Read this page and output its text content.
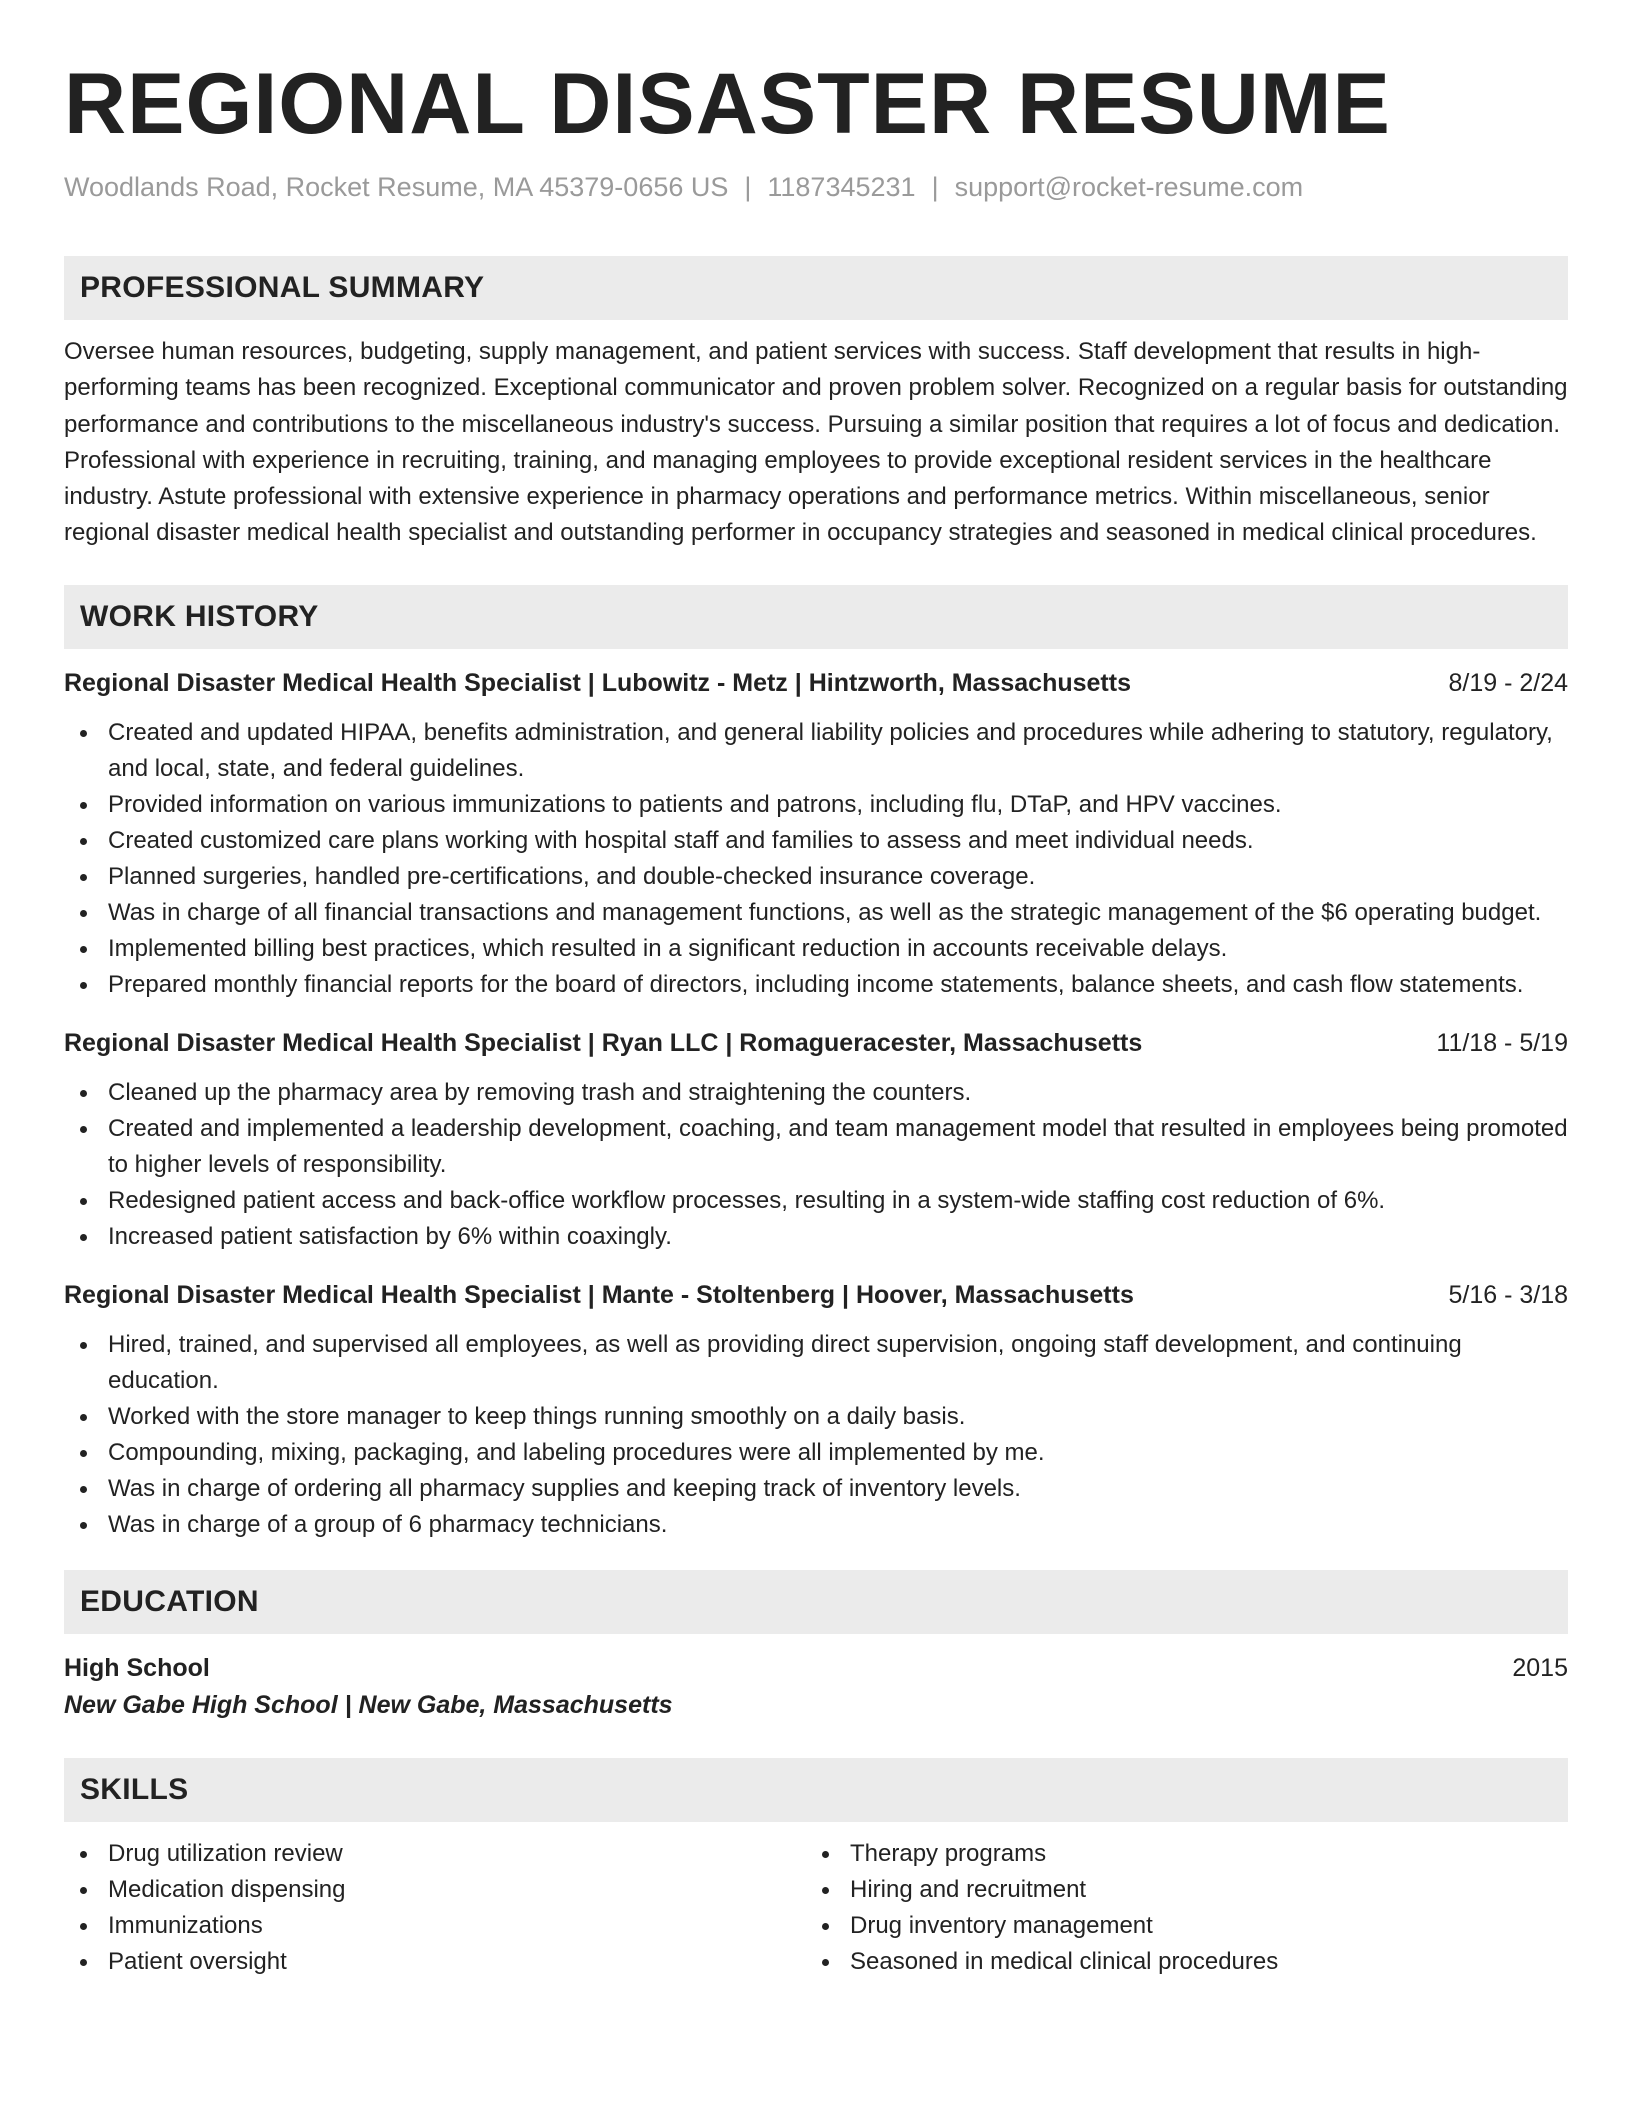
REGIONAL DISASTER RESUME
Woodlands Road, Rocket Resume, MA 45379-0656 US | 1187345231 | support@rocket-resume.com
PROFESSIONAL SUMMARY
Oversee human resources, budgeting, supply management, and patient services with success. Staff development that results in high-performing teams has been recognized. Exceptional communicator and proven problem solver. Recognized on a regular basis for outstanding performance and contributions to the miscellaneous industry's success. Pursuing a similar position that requires a lot of focus and dedication. Professional with experience in recruiting, training, and managing employees to provide exceptional resident services in the healthcare industry. Astute professional with extensive experience in pharmacy operations and performance metrics. Within miscellaneous, senior regional disaster medical health specialist and outstanding performer in occupancy strategies and seasoned in medical clinical procedures.
WORK HISTORY
Regional Disaster Medical Health Specialist | Lubowitz - Metz | Hintzworth, Massachusetts	8/19 - 2/24
Created and updated HIPAA, benefits administration, and general liability policies and procedures while adhering to statutory, regulatory, and local, state, and federal guidelines.
Provided information on various immunizations to patients and patrons, including flu, DTaP, and HPV vaccines.
Created customized care plans working with hospital staff and families to assess and meet individual needs.
Planned surgeries, handled pre-certifications, and double-checked insurance coverage.
Was in charge of all financial transactions and management functions, as well as the strategic management of the $6 operating budget.
Implemented billing best practices, which resulted in a significant reduction in accounts receivable delays.
Prepared monthly financial reports for the board of directors, including income statements, balance sheets, and cash flow statements.
Regional Disaster Medical Health Specialist | Ryan LLC | Romagueracester, Massachusetts	11/18 - 5/19
Cleaned up the pharmacy area by removing trash and straightening the counters.
Created and implemented a leadership development, coaching, and team management model that resulted in employees being promoted to higher levels of responsibility.
Redesigned patient access and back-office workflow processes, resulting in a system-wide staffing cost reduction of 6%.
Increased patient satisfaction by 6% within coaxingly.
Regional Disaster Medical Health Specialist | Mante - Stoltenberg | Hoover, Massachusetts	5/16 - 3/18
Hired, trained, and supervised all employees, as well as providing direct supervision, ongoing staff development, and continuing education.
Worked with the store manager to keep things running smoothly on a daily basis.
Compounding, mixing, packaging, and labeling procedures were all implemented by me.
Was in charge of ordering all pharmacy supplies and keeping track of inventory levels.
Was in charge of a group of 6 pharmacy technicians.
EDUCATION
High School	2015
New Gabe High School | New Gabe, Massachusetts
SKILLS
Drug utilization review
Medication dispensing
Immunizations
Patient oversight
Therapy programs
Hiring and recruitment
Drug inventory management
Seasoned in medical clinical procedures
